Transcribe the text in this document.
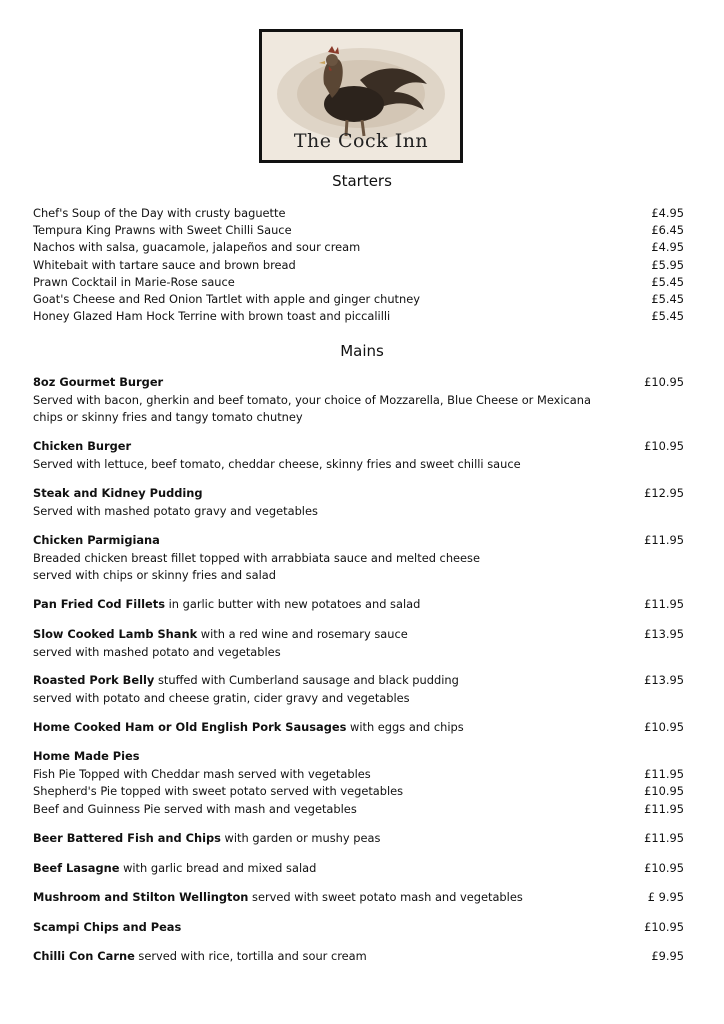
The Cock Inn
Starters
Chef's Soup of the Day with crusty baguette	£4.95
Tempura King Prawns with Sweet Chilli Sauce	£6.45
Nachos with salsa, guacamole, jalapeños and sour cream	£4.95
Whitebait with tartare sauce and brown bread	£5.95
Prawn Cocktail in Marie-Rose sauce	£5.45
Goat's Cheese and Red Onion Tartlet with apple and ginger chutney	£5.45
Honey Glazed Ham Hock Terrine with brown toast and piccalilli	£5.45
Mains
8oz Gourmet Burger	£10.95
Served with bacon, gherkin and beef tomato, your choice of Mozzarella, Blue Cheese or Mexicana
chips or skinny fries and tangy tomato chutney
Chicken Burger	£10.95
Served with lettuce, beef tomato, cheddar cheese, skinny fries and sweet chilli sauce
Steak and Kidney Pudding	£12.95
Served with mashed potato gravy and vegetables
Chicken Parmigiana	£11.95
Breaded chicken breast fillet topped with arrabbiata sauce and melted cheese
served with chips or skinny fries and salad
Pan Fried Cod Fillets in garlic butter with new potatoes and salad	£11.95
Slow Cooked Lamb Shank with a red wine and rosemary sauce	£13.95
served with mashed potato and vegetables
Roasted Pork Belly stuffed with Cumberland sausage and black pudding	£13.95
served with potato and cheese gratin, cider gravy and vegetables
Home Cooked Ham or Old English Pork Sausages with eggs and chips	£10.95
Home Made Pies
Fish Pie Topped with Cheddar mash served with vegetables	£11.95
Shepherd's Pie topped with sweet potato served with vegetables	£10.95
Beef and Guinness Pie served with mash and vegetables	£11.95
Beer Battered Fish and Chips with garden or mushy peas	£11.95
Beef Lasagne with garlic bread and mixed salad	£10.95
Mushroom and Stilton Wellington served with sweet potato mash and vegetables	£ 9.95
Scampi Chips and Peas	£10.95
Chilli Con Carne served with rice, tortilla and sour cream	£9.95
